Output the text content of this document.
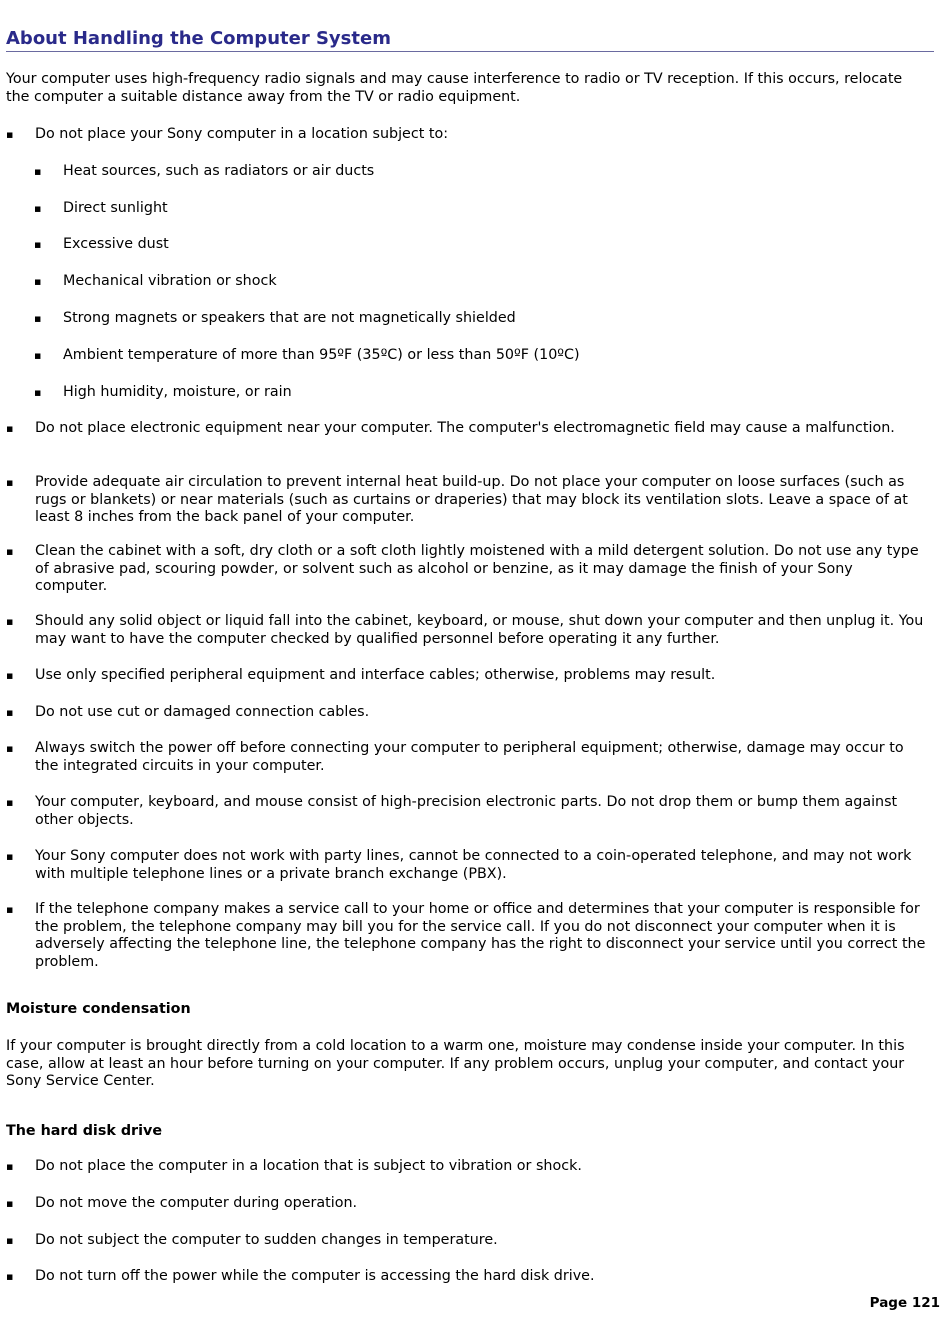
About Handling the Computer System

Your computer uses high-frequency radio signals and may cause interference to radio or TV reception. If this occurs, relocate the computer a suitable distance away from the TV or radio equipment.

▪ Do not place your Sony computer in a location subject to:
▪ Heat sources, such as radiators or air ducts
▪ Direct sunlight
▪ Excessive dust
▪ Mechanical vibration or shock
▪ Strong magnets or speakers that are not magnetically shielded
▪ Ambient temperature of more than 95ºF (35ºC) or less than 50ºF (10ºC)
▪ High humidity, moisture, or rain
▪ Do not place electronic equipment near your computer. The computer's electromagnetic field may cause a malfunction.
▪ Provide adequate air circulation to prevent internal heat build-up. Do not place your computer on loose surfaces (such as rugs or blankets) or near materials (such as curtains or draperies) that may block its ventilation slots. Leave a space of at least 8 inches from the back panel of your computer.
▪ Clean the cabinet with a soft, dry cloth or a soft cloth lightly moistened with a mild detergent solution. Do not use any type of abrasive pad, scouring powder, or solvent such as alcohol or benzine, as it may damage the finish of your Sony computer.
▪ Should any solid object or liquid fall into the cabinet, keyboard, or mouse, shut down your computer and then unplug it. You may want to have the computer checked by qualified personnel before operating it any further.
▪ Use only specified peripheral equipment and interface cables; otherwise, problems may result.
▪ Do not use cut or damaged connection cables.
▪ Always switch the power off before connecting your computer to peripheral equipment; otherwise, damage may occur to the integrated circuits in your computer.
▪ Your computer, keyboard, and mouse consist of high-precision electronic parts. Do not drop them or bump them against other objects.
▪ Your Sony computer does not work with party lines, cannot be connected to a coin-operated telephone, and may not work with multiple telephone lines or a private branch exchange (PBX).
▪ If the telephone company makes a service call to your home or office and determines that your computer is responsible for the problem, the telephone company may bill you for the service call. If you do not disconnect your computer when it is adversely affecting the telephone line, the telephone company has the right to disconnect your service until you correct the problem.
Moisture condensation

If your computer is brought directly from a cold location to a warm one, moisture may condense inside your computer. In this case, allow at least an hour before turning on your computer. If any problem occurs, unplug your computer, and contact your Sony Service Center.

The hard disk drive
▪ Do not place the computer in a location that is subject to vibration or shock.
▪ Do not move the computer during operation.
▪ Do not subject the computer to sudden changes in temperature.
▪ Do not turn off the power while the computer is accessing the hard disk drive.
Page 121
